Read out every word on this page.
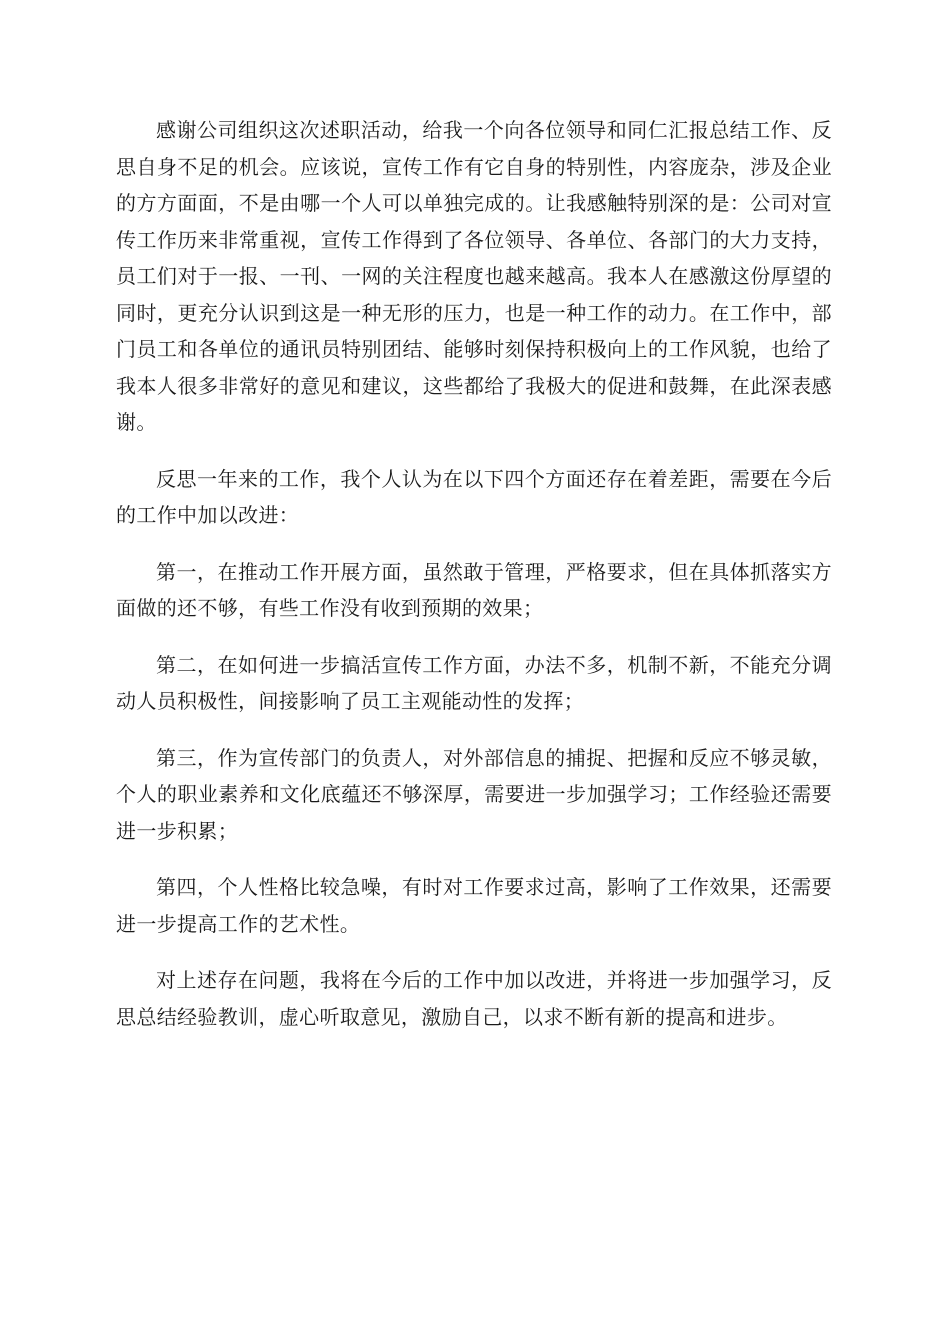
感谢公司组织这次述职活动，给我一个向各位领导和同仁汇报总结工作、反思自身不足的机会。应该说，宣传工作有它自身的特别性，内容庞杂，涉及企业的方方面面，不是由哪一个人可以单独完成的。让我感触特别深的是：公司对宣传工作历来非常重视，宣传工作得到了各位领导、各单位、各部门的大力支持，员工们对于一报、一刊、一网的关注程度也越来越高。我本人在感激这份厚望的同时，更充分认识到这是一种无形的压力，也是一种工作的动力。在工作中，部门员工和各单位的通讯员特别团结、能够时刻保持积极向上的工作风貌，也给了我本人很多非常好的意见和建议，这些都给了我极大的促进和鼓舞，在此深表感谢。

反思一年来的工作，我个人认为在以下四个方面还存在着差距，需要在今后的工作中加以改进：

第一，在推动工作开展方面，虽然敢于管理，严格要求，但在具体抓落实方面做的还不够，有些工作没有收到预期的效果；

第二，在如何进一步搞活宣传工作方面，办法不多，机制不新，不能充分调动人员积极性，间接影响了员工主观能动性的发挥；

第三，作为宣传部门的负责人，对外部信息的捕捉、把握和反应不够灵敏，个人的职业素养和文化底蕴还不够深厚，需要进一步加强学习；工作经验还需要进一步积累；

第四，个人性格比较急噪，有时对工作要求过高，影响了工作效果，还需要进一步提高工作的艺术性。

对上述存在问题，我将在今后的工作中加以改进，并将进一步加强学习，反思总结经验教训，虚心听取意见，激励自己，以求不断有新的提高和进步。
